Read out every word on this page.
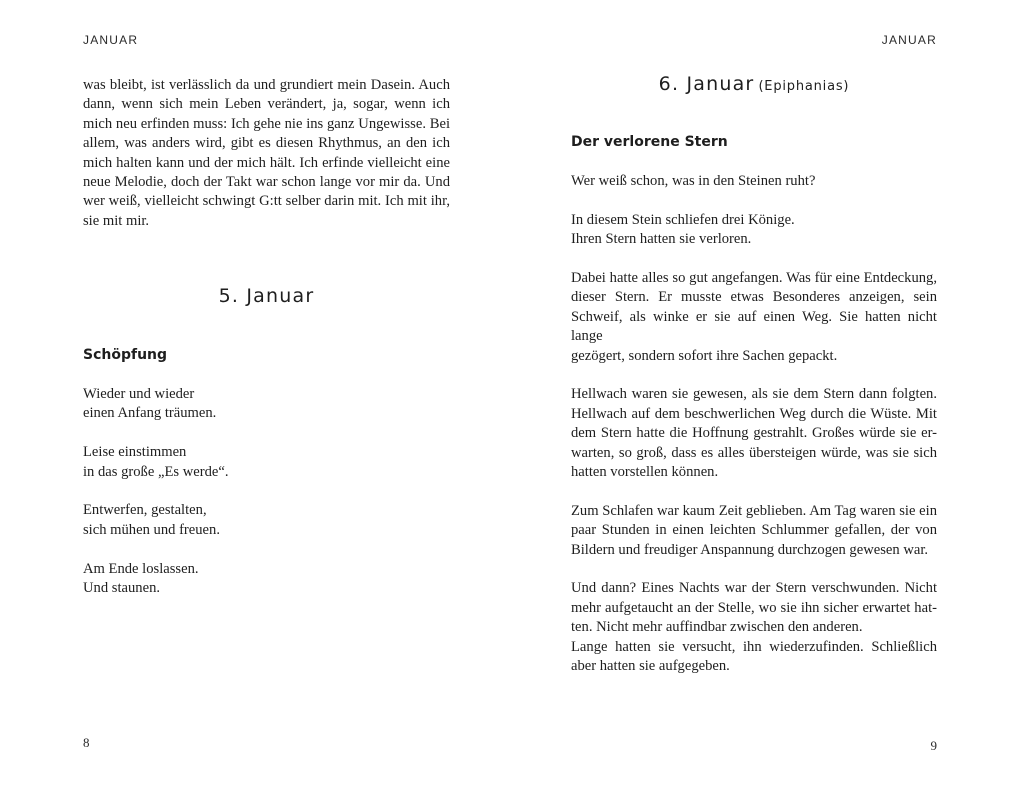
JANUAR
was bleibt, ist verlässlich da und grundiert mein Dasein. Auch
dann, wenn sich mein Leben verändert, ja, sogar, wenn ich
mich neu erfinden muss: Ich gehe nie ins ganz Ungewisse. Bei
allem, was anders wird, gibt es diesen Rhythmus, an den ich
mich halten kann und der mich hält. Ich erfinde vielleicht eine
neue Melodie, doch der Takt war schon lange vor mir da. Und
wer weiß, vielleicht schwingt G:tt selber darin mit. Ich mit ihr,
sie mit mir.
5. Januar
Schöpfung
Wieder und wieder
einen Anfang träumen.
Leise einstimmen
in das große „Es werde“.
Entwerfen, gestalten,
sich mühen und freuen.
Am Ende loslassen.
Und staunen.
8
JANUAR
6. Januar (Epiphanias)
Der verlorene Stern
Wer weiß schon, was in den Steinen ruht?
In diesem Stein schliefen drei Könige.
Ihren Stern hatten sie verloren.
Dabei hatte alles so gut angefangen. Was für eine Entdeckung,
dieser Stern. Er musste etwas Besonderes anzeigen, sein
Schweif, als winke er sie auf einen Weg. Sie hatten nicht lange
gezögert, sondern sofort ihre Sachen gepackt.
Hellwach waren sie gewesen, als sie dem Stern dann folgten.
Hellwach auf dem beschwerlichen Weg durch die Wüste. Mit
dem Stern hatte die Hoffnung gestrahlt. Großes würde sie er-
warten, so groß, dass es alles übersteigen würde, was sie sich
hatten vorstellen können.
Zum Schlafen war kaum Zeit geblieben. Am Tag waren sie ein
paar Stunden in einen leichten Schlummer gefallen, der von
Bildern und freudiger Anspannung durchzogen gewesen war.
Und dann? Eines Nachts war der Stern verschwunden. Nicht
mehr aufgetaucht an der Stelle, wo sie ihn sicher erwartet hat-
ten. Nicht mehr auffindbar zwischen den anderen.
Lange hatten sie versucht, ihn wiederzufinden. Schließlich
aber hatten sie aufgegeben.
9
